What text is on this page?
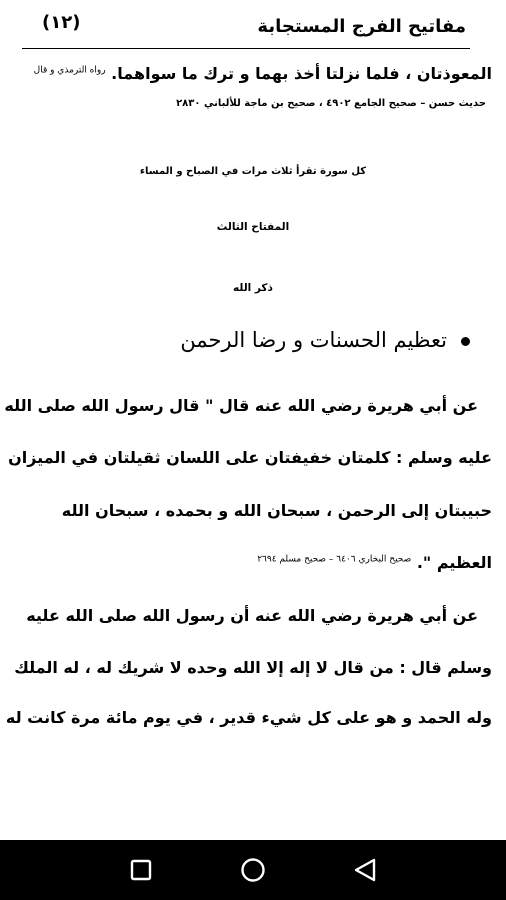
مفاتيح الفرج المستجابة
(١٢)
المعوذتان ، فلما نزلتا أخذ بهما و ترك ما سواهما. $^{رواه الترمذي و قال}$
حديث حسن – صحيح الجامع ٤٩٠٢ ، صحيح بن ماجة للألباني ٢٨٣٠
كل سورة تقرأ ثلاث مرات في الصباح و المساء
المفتاح الثالث
ذكر الله
تعظيم الحسنات و رضا الرحمن
عن أبي هريرة رضي الله عنه قال " قال رسول الله صلى الله
عليه وسلم : كلمتان خفيفتان على اللسان ثقيلتان في الميزان
حبيبتان إلى الرحمن ، سبحان الله و بحمده ، سبحان الله
العظيم ". $^{صحيح البخاري ٦٤٠٦ - صحيح مسلم ٢٦٩٤}$
عن أبي هريرة رضي الله عنه أن رسول الله صلى الله عليه
وسلم قال : من قال لا إله إلا الله وحده لا شريك له ، له الملك
وله الحمد و هو على كل شيء قدير ، في يوم مائة مرة كانت له
